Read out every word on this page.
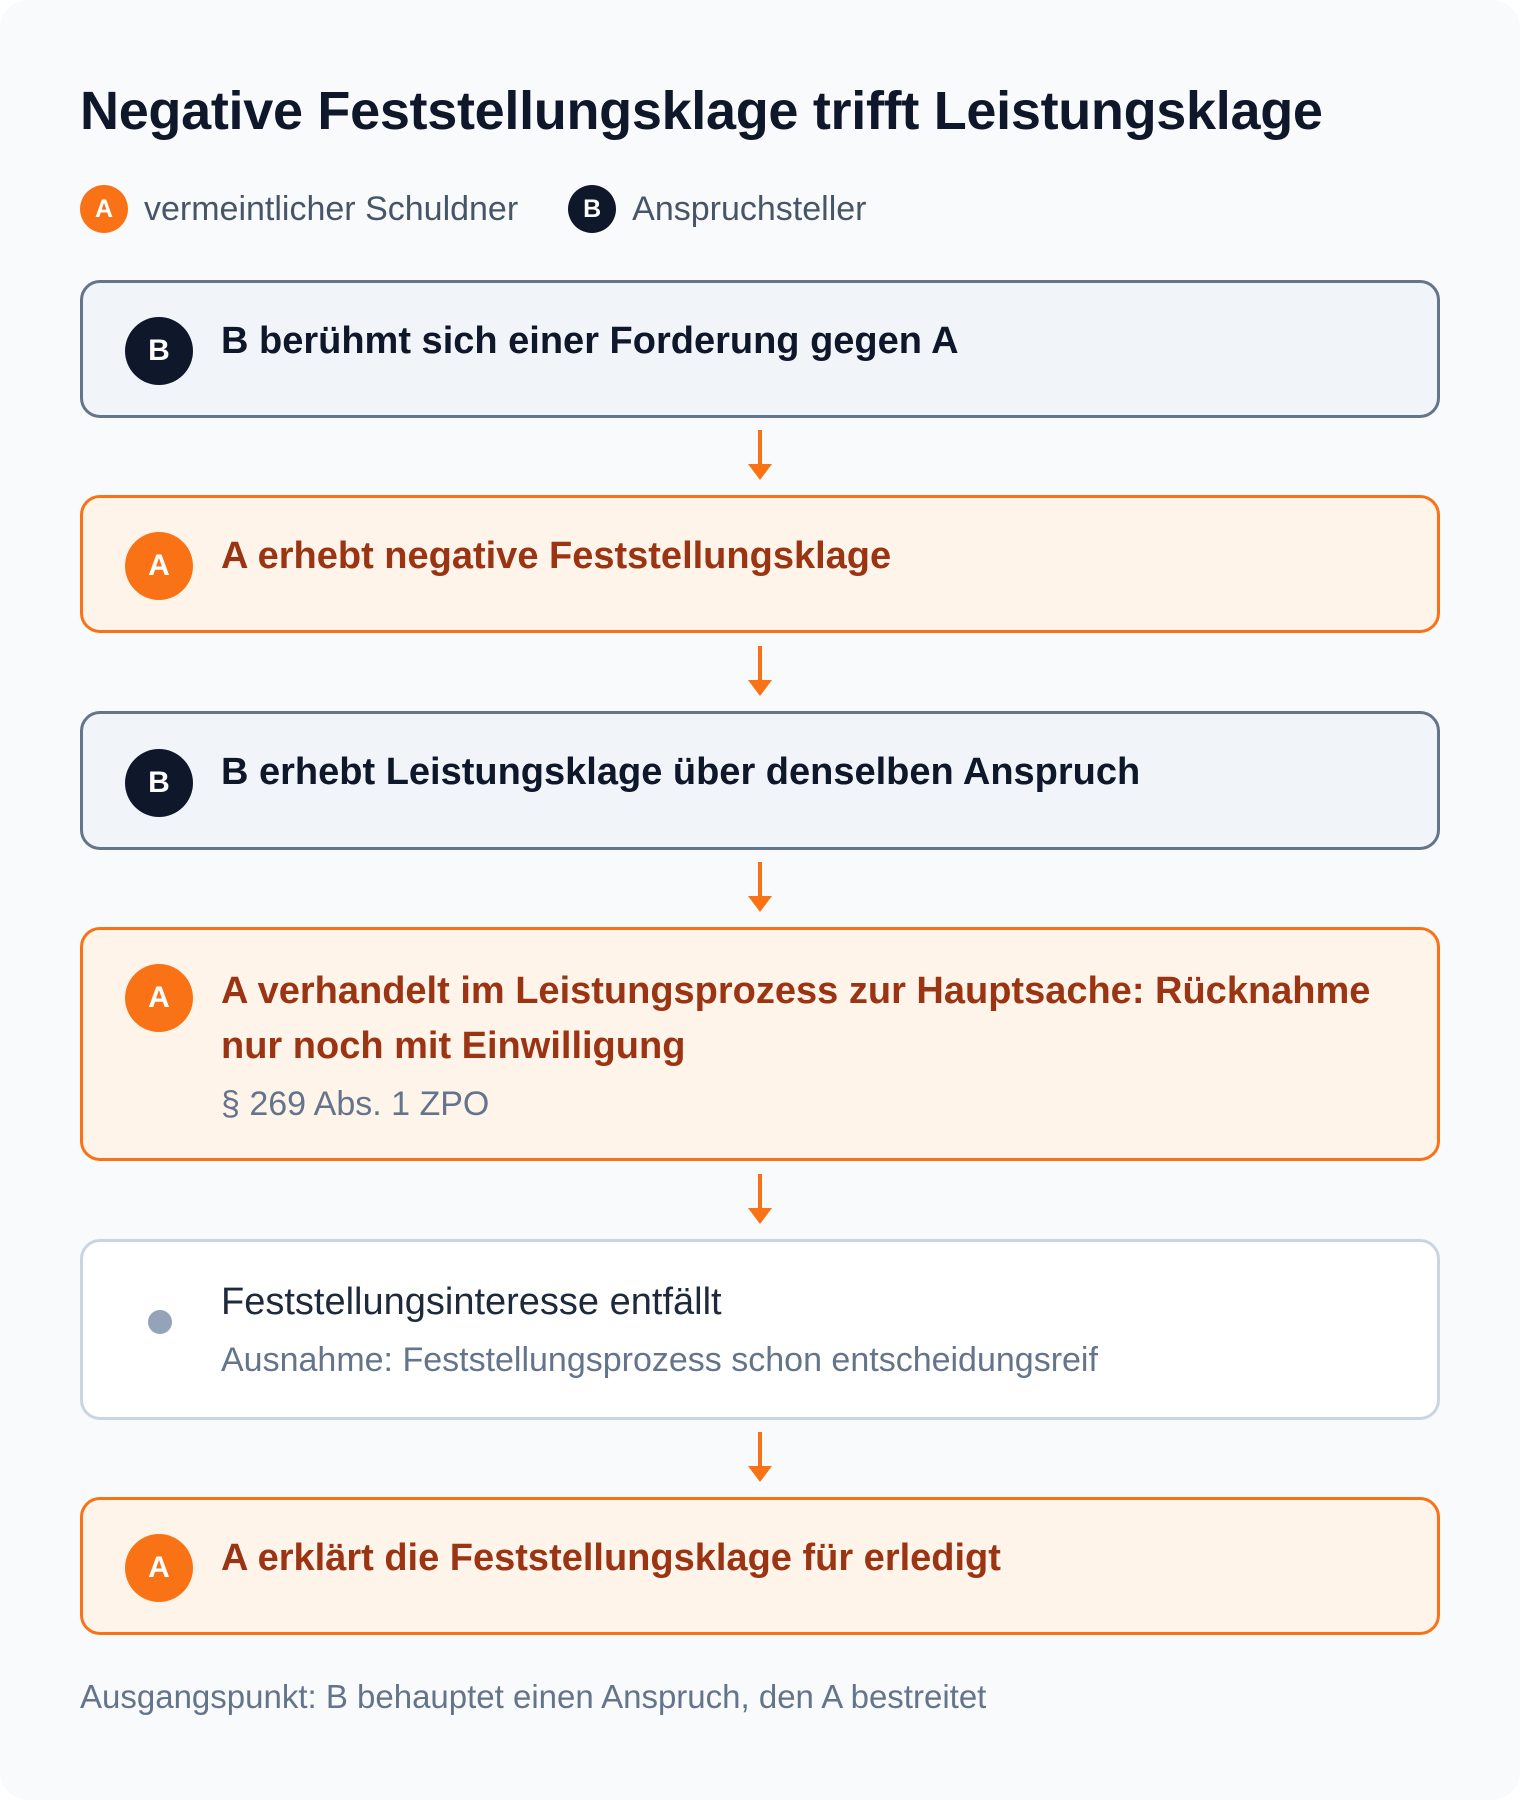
Negative Feststellungsklage trifft Leistungsklage
A vermeintlicher Schuldner	B Anspruchsteller
B	B berühmt sich einer Forderung gegen A
A	A erhebt negative Feststellungsklage
B	B erhebt Leistungsklage über denselben Anspruch
A	A verhandelt im Leistungsprozess zur Hauptsache: Rücknahme nur noch mit Einwilligung
§ 269 Abs. 1 ZPO
Feststellungsinteresse entfällt
Ausnahme: Feststellungsprozess schon entscheidungsreif
A	A erklärt die Feststellungsklage für erledigt
Ausgangspunkt: B behauptet einen Anspruch, den A bestreitet
